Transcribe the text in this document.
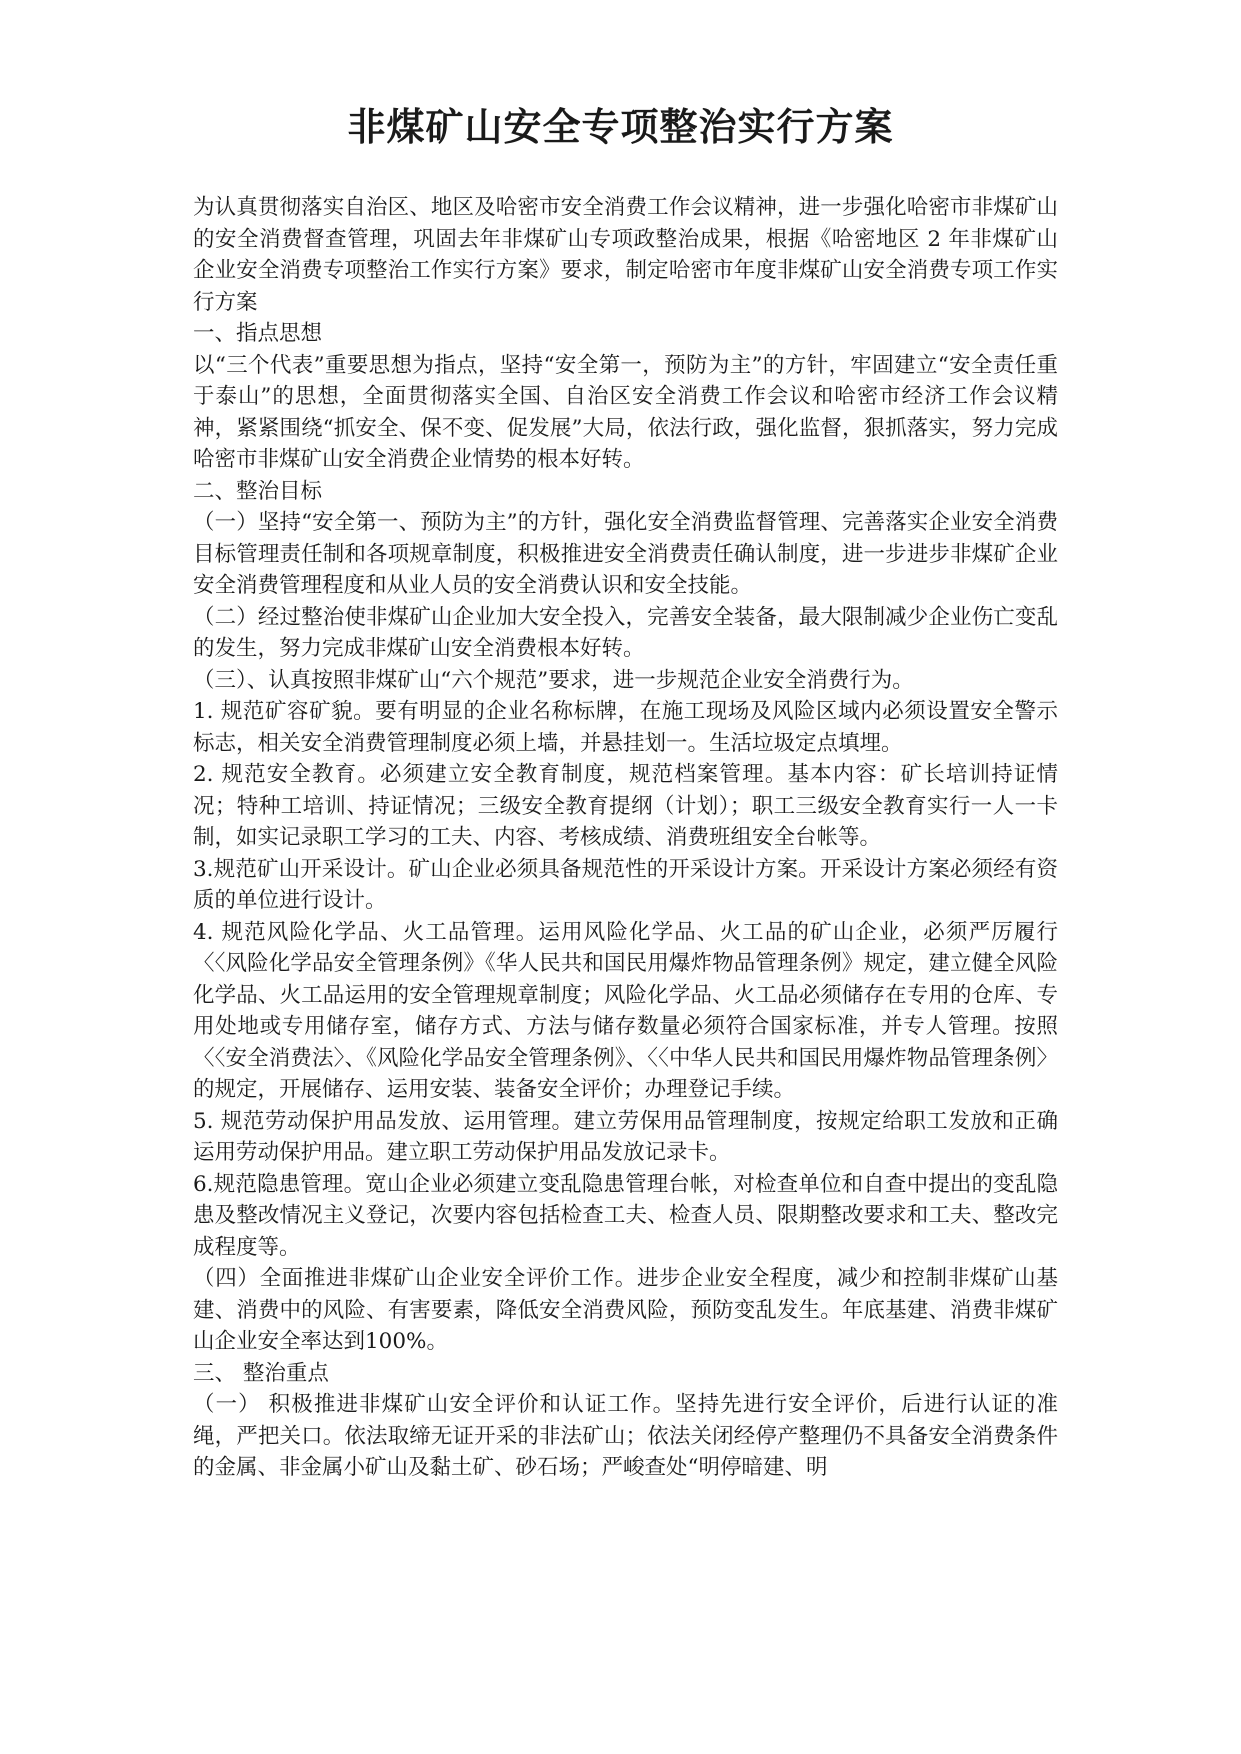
非煤矿山安全专项整治实行方案

为认真贯彻落实自治区、地区及哈密市安全消费工作会议精神，进一步强化哈密市非煤矿山的安全消费督查管理，巩固去年非煤矿山专项政整治成果，根据《哈密地区 2 年非煤矿山企业安全消费专项整治工作实行方案》要求，制定哈密市年度非煤矿山安全消费专项工作实行方案

一、指点思想

以“三个代表”重要思想为指点，坚持“安全第一，预防为主”的方针，牢固建立“安全责任重于泰山”的思想，全面贯彻落实全国、自治区安全消费工作会议和哈密市经济工作会议精神，紧紧围绕“抓安全、保不变、促发展”大局，依法行政，强化监督，狠抓落实，努力完成哈密市非煤矿山安全消费企业情势的根本好转。

二、整治目标

（一）坚持“安全第一、预防为主”的方针，强化安全消费监督管理、完善落实企业安全消费目标管理责任制和各项规章制度，积极推进安全消费责任确认制度，进一步进步非煤矿企业安全消费管理程度和从业人员的安全消费认识和安全技能。

（二）经过整治使非煤矿山企业加大安全投入，完善安全装备，最大限制减少企业伤亡变乱的发生，努力完成非煤矿山安全消费根本好转。

（三）、认真按照非煤矿山“六个规范”要求，进一步规范企业安全消费行为。

1. 规范矿容矿貌。要有明显的企业名称标牌，在施工现场及风险区域内必须设置安全警示标志，相关安全消费管理制度必须上墙，并悬挂划一。生活垃圾定点填埋。

2. 规范安全教育。必须建立安全教育制度，规范档案管理。基本内容：矿长培训持证情况；特种工培训、持证情况；三级安全教育提纲（计划）；职工三级安全教育实行一人一卡制，如实记录职工学习的工夫、内容、考核成绩、消费班组安全台帐等。

3.规范矿山开采设计。矿山企业必须具备规范性的开采设计方案。开采设计方案必须经有资质的单位进行设计。

4. 规范风险化学品、火工品管理。运用风险化学品、火工品的矿山企业，必须严厉履行〈〈风险化学品安全管理条例》《华人民共和国民用爆炸物品管理条例》规定，建立健全风险化学品、火工品运用的安全管理规章制度；风险化学品、火工品必须储存在专用的仓库、专用处地或专用储存室，储存方式、方法与储存数量必须符合国家标准，并专人管理。按照〈〈安全消费法〉、《风险化学品安全管理条例》、〈〈中华人民共和国民用爆炸物品管理条例〉的规定，开展储存、运用安装、装备安全评价；办理登记手续。

5. 规范劳动保护用品发放、运用管理。建立劳保用品管理制度，按规定给职工发放和正确运用劳动保护用品。建立职工劳动保护用品发放记录卡。

6.规范隐患管理。宽山企业必须建立变乱隐患管理台帐，对检查单位和自查中提出的变乱隐患及整改情况主义登记，次要内容包括检查工夫、检查人员、限期整改要求和工夫、整改完成程度等。

（四）全面推进非煤矿山企业安全评价工作。进步企业安全程度，减少和控制非煤矿山基建、消费中的风险、有害要素，降低安全消费风险，预防变乱发生。年底基建、消费非煤矿山企业安全率达到100%。

三、 整治重点

（一） 积极推进非煤矿山安全评价和认证工作。坚持先进行安全评价，后进行认证的准绳，严把关口。依法取缔无证开采的非法矿山；依法关闭经停产整理仍不具备安全消费条件的金属、非金属小矿山及黏土矿、砂石场；严峻查处“明停暗建、明
